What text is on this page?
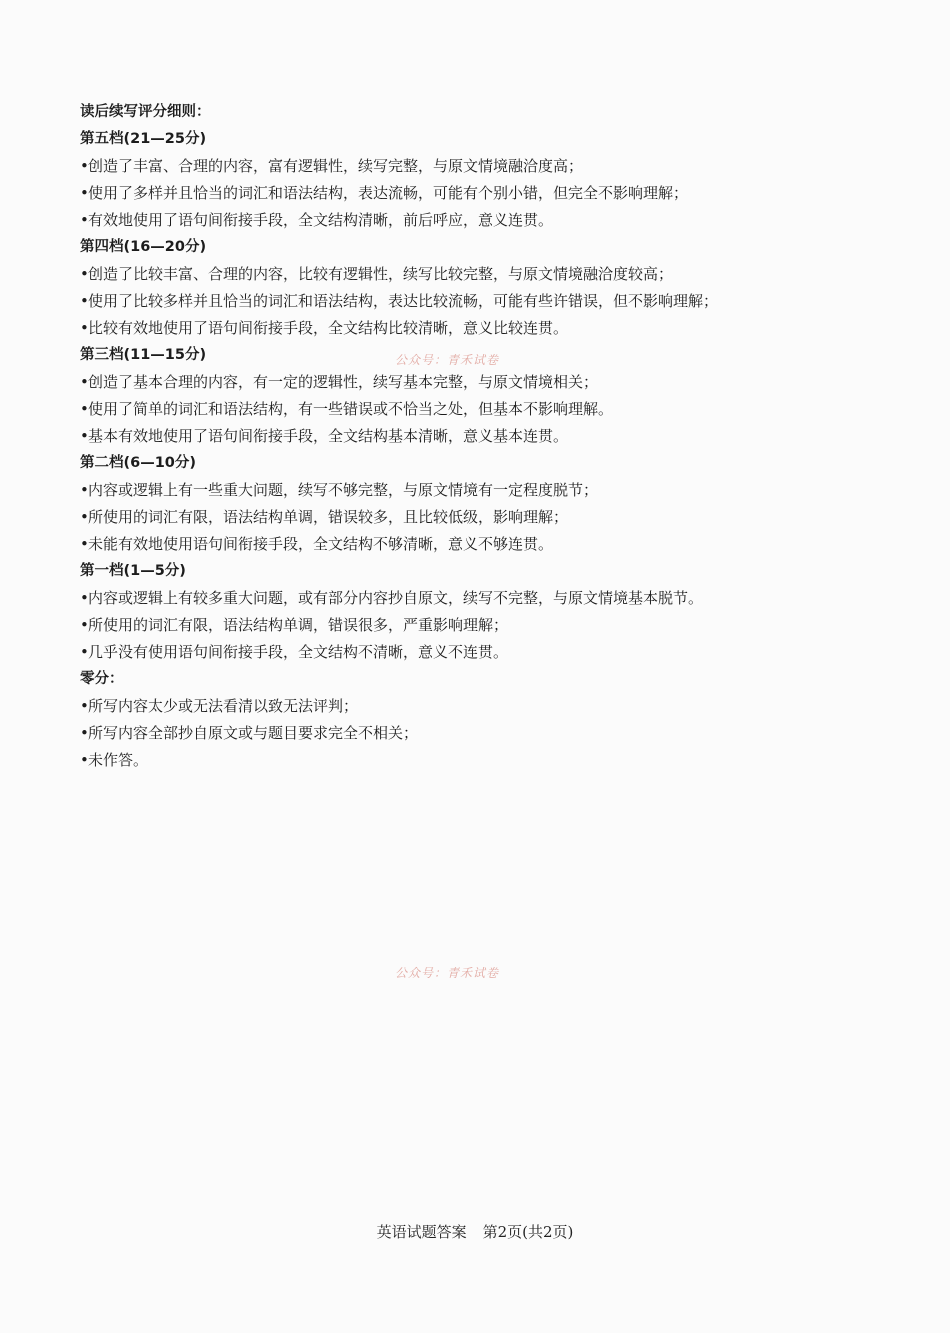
读后续写评分细则：
第五档(21—25分)
•创造了丰富、合理的内容，富有逻辑性，续写完整，与原文情境融洽度高；
•使用了多样并且恰当的词汇和语法结构，表达流畅，可能有个别小错，但完全不影响理解；
•有效地使用了语句间衔接手段，全文结构清晰，前后呼应，意义连贯。
第四档(16—20分)
•创造了比较丰富、合理的内容，比较有逻辑性，续写比较完整，与原文情境融洽度较高；
•使用了比较多样并且恰当的词汇和语法结构，表达比较流畅，可能有些许错误，但不影响理解；
•比较有效地使用了语句间衔接手段，全文结构比较清晰，意义比较连贯。
第三档(11—15分)
•创造了基本合理的内容，有一定的逻辑性，续写基本完整，与原文情境相关；
•使用了简单的词汇和语法结构，有一些错误或不恰当之处，但基本不影响理解。
•基本有效地使用了语句间衔接手段，全文结构基本清晰，意义基本连贯。
第二档(6—10分)
•内容或逻辑上有一些重大问题，续写不够完整，与原文情境有一定程度脱节；
•所使用的词汇有限，语法结构单调，错误较多，且比较低级，影响理解；
•未能有效地使用语句间衔接手段，全文结构不够清晰，意义不够连贯。
第一档(1—5分)
•内容或逻辑上有较多重大问题，或有部分内容抄自原文，续写不完整，与原文情境基本脱节。
•所使用的词汇有限，语法结构单调，错误很多，严重影响理解；
•几乎没有使用语句间衔接手段，全文结构不清晰，意义不连贯。
零分：
•所写内容太少或无法看清以致无法评判；
•所写内容全部抄自原文或与题目要求完全不相关；
•未作答。
公众号：青禾试卷
公众号：青禾试卷
英语试题答案 第2页(共2页)
